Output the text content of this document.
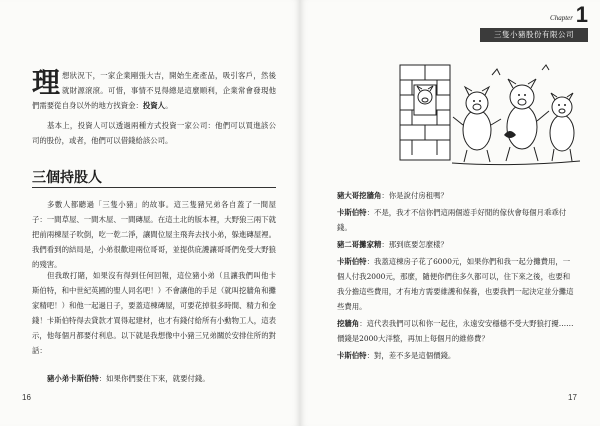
理想狀況下，一家企業剛張大吉，開始生產產品，吸引客戶，然後就財源滾滾。可惜，事情不見得總是這麼順利，企業常會發現他們需要從自身以外的地方找資金：投資人。
基本上，投資人可以透過兩種方式投資一家公司：他們可以買進該公司的股份，或者，他們可以借錢給該公司。
三個持股人
多數人都聽過「三隻小豬」的故事。這三隻豬兄弟各自蓋了一間屋子：一間草屋、一間木屋、一間磚屋。在這土北的版本裡，大野狼三兩下就把前兩棟屋子吹倒，吃一乾二淨，讓間位屋主飛奔去找小弟，躲進磚屋裡。我們看到的結局是，小弟很歡迎兩位哥哥，並提供庇護讓哥哥們免受大野狼的殘害。
但我敢打賭，如果沒有得到任何回報，這位豬小弟（且讓我們叫他卡斯伯特，和中世紀英國的聖人同名吧！）不會讓他的手足（就叫挖牆角和攤家精吧！）和他一起過日子，要蓋這棟磚屋，可要花掉很多時間、精力和金錢！卡斯伯特得去貸款才買得起建材，也才有錢付給所有小動物工人，這表示，他每個月都要付利息。以下就是我想像中小豬三兄弟關於安排住所的對話：
豬小弟卡斯伯特：如果你們要住下來，就要付錢。
16
Chapter 1
三隻小豬股份有限公司
豬大哥挖牆角：你是說付房租嗎？
卡斯伯特：不是，我才不信你們這兩個遊手好閒的傢伙會每個月乖乖付錢。
豬二哥攤家精：那到底要怎麼樣？
卡斯伯特：我蓋這棟房子花了6000元，如果你們和我一起分攤費用，一個人付我2000元，那麼，隨便你們住多久都可以，住下來之後，也要和我分擔這些費用，才有地方需要維護和保養，也要我們一起決定並分攤這些費用。
挖牆角：這代表我們可以和你一起住，永遠安安穩穩不受大野狼打擾……價錢是2000大洋整，再加上每個月的維修費？
卡斯伯特：對，差不多是這個價錢。
17
